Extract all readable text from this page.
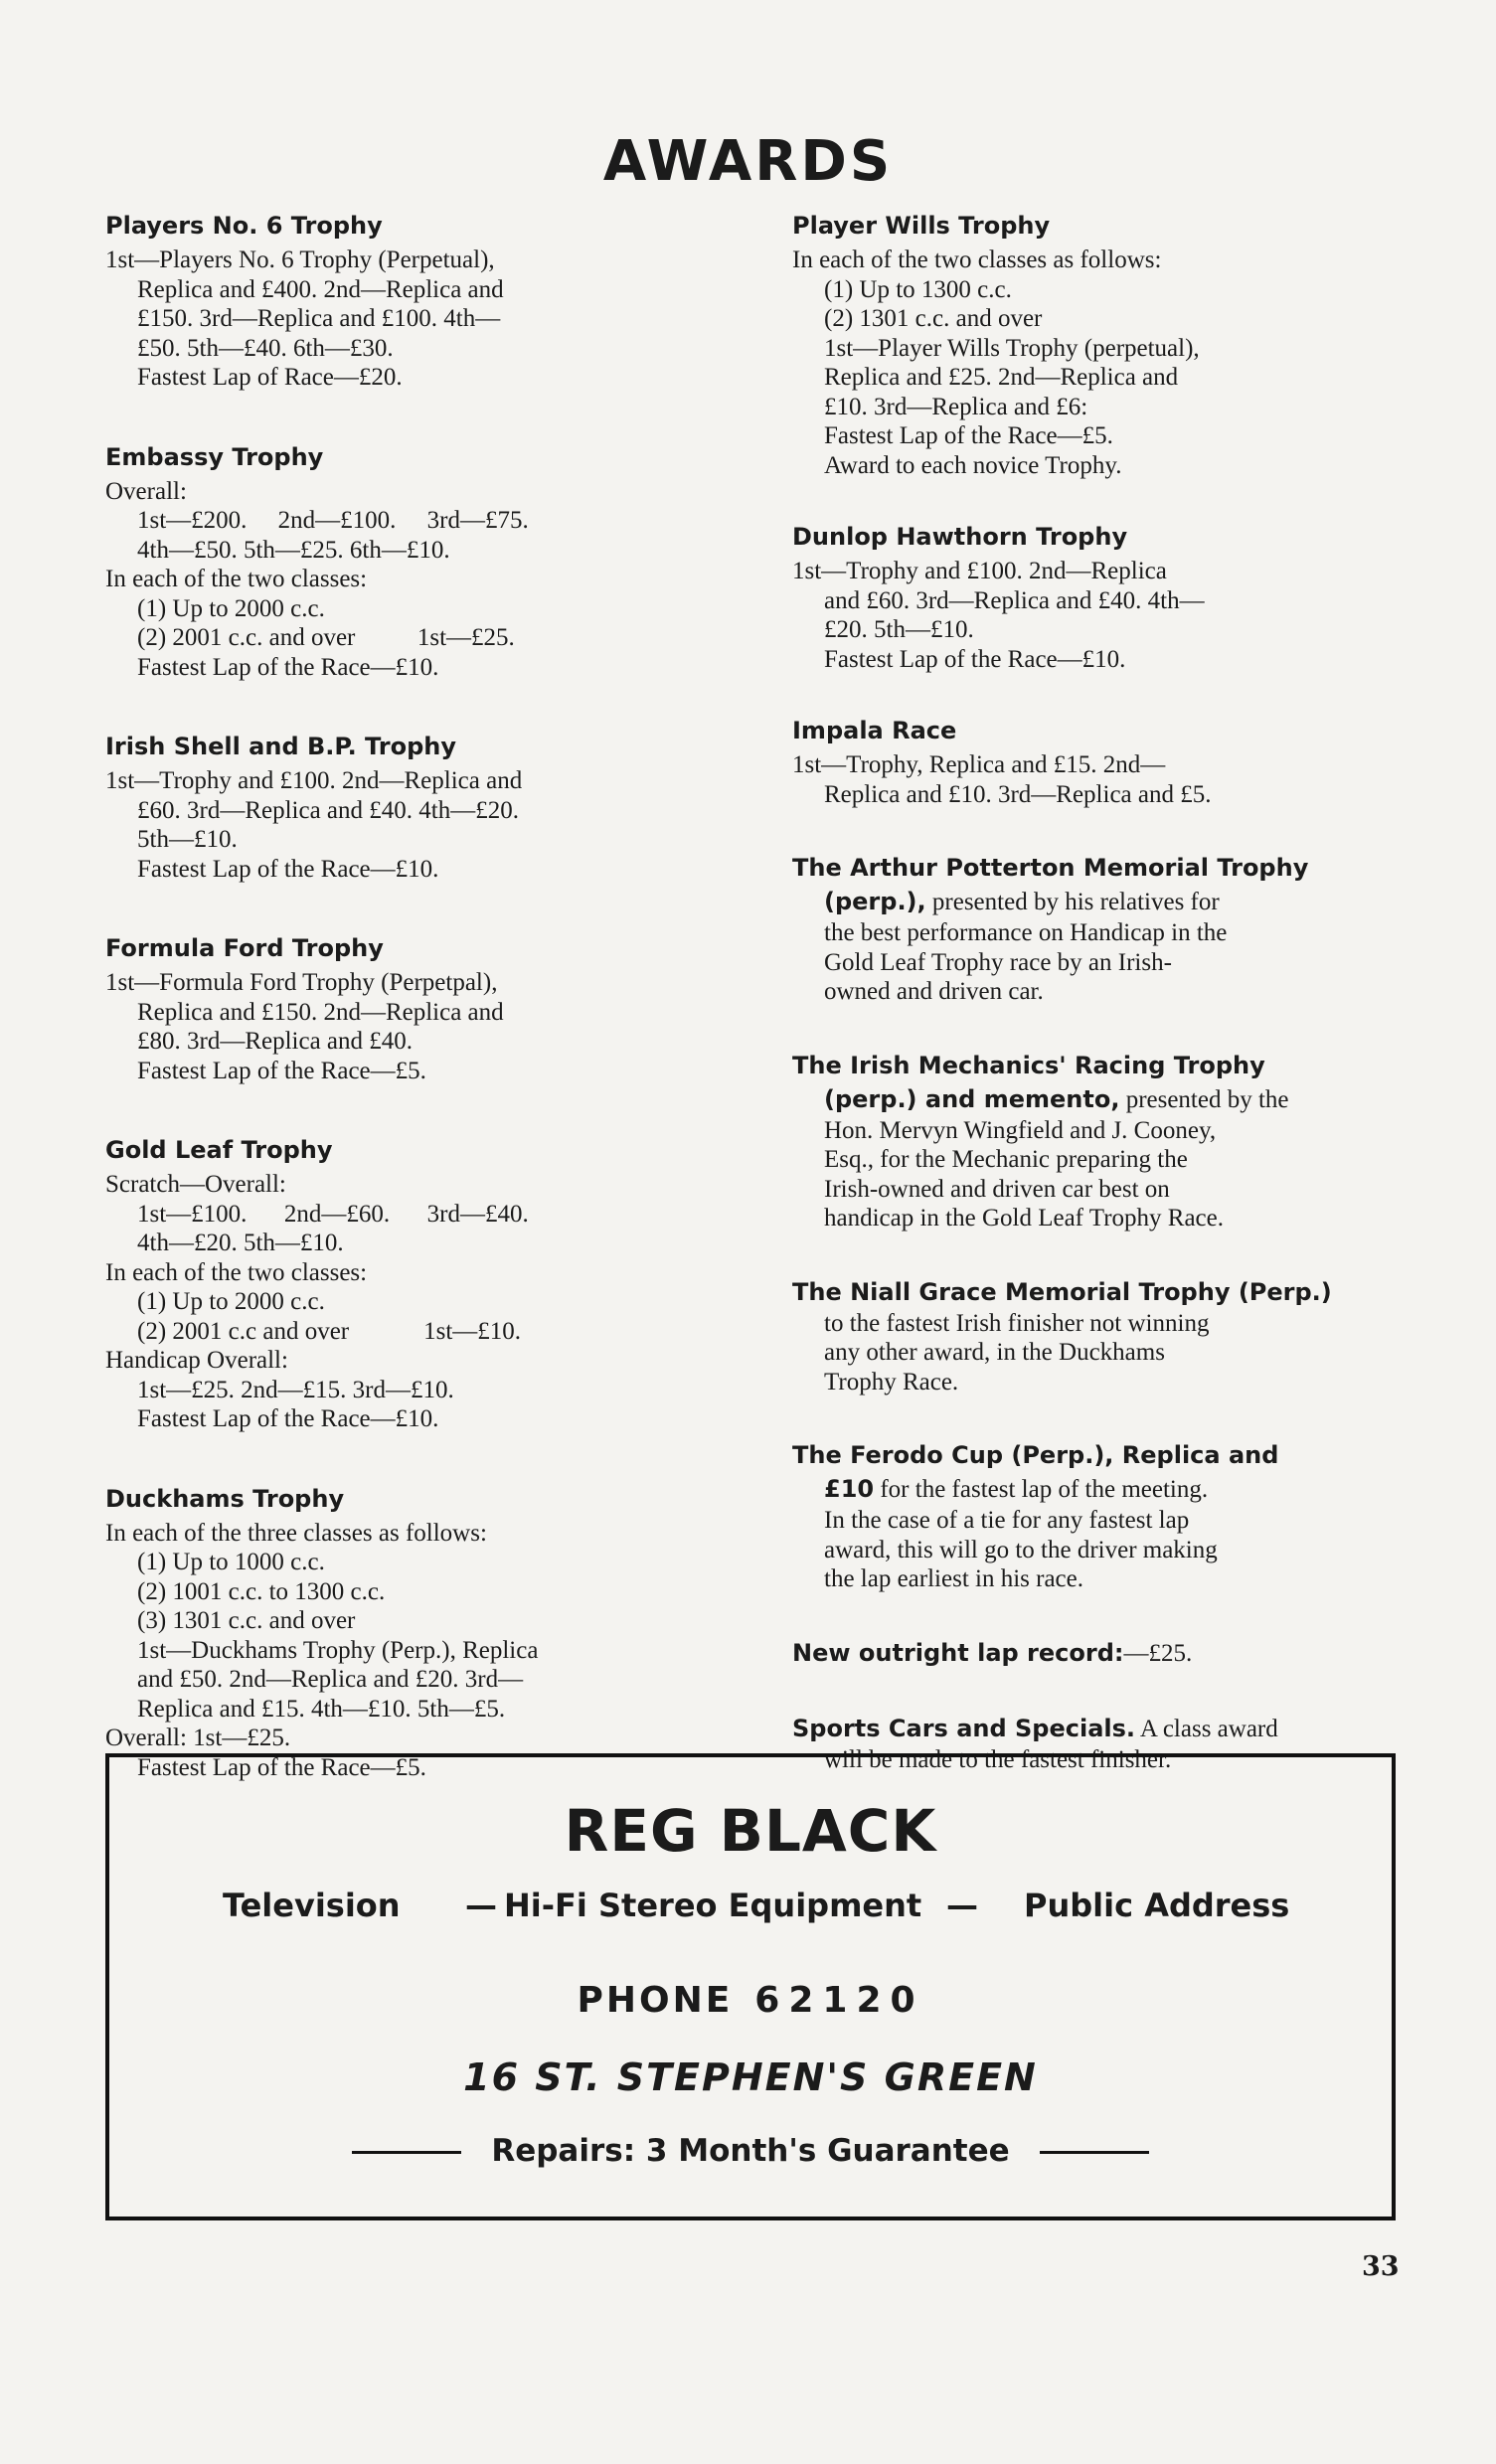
AWARDS
Players No. 6 Trophy
1st—Players No. 6 Trophy (Perpetual),
Replica and £400. 2nd—Replica and
£150. 3rd—Replica and £100. 4th—
£50. 5th—£40. 6th—£30.
Fastest Lap of Race—£20.
Embassy Trophy
Overall:
1st—£200.     2nd—£100.     3rd—£75.
4th—£50. 5th—£25. 6th—£10.
In each of the two classes:
(1) Up to 2000 c.c.
(2) 2001 c.c. and over          1st—£25.
Fastest Lap of the Race—£10.
Irish Shell and B.P. Trophy
1st—Trophy and £100. 2nd—Replica and
£60. 3rd—Replica and £40. 4th—£20.
5th—£10.
Fastest Lap of the Race—£10.
Formula Ford Trophy
1st—Formula Ford Trophy (Perpetpal),
Replica and £150. 2nd—Replica and
£80. 3rd—Replica and £40.
Fastest Lap of the Race—£5.
Gold Leaf Trophy
Scratch—Overall:
1st—£100.      2nd—£60.      3rd—£40.
4th—£20. 5th—£10.
In each of the two classes:
(1) Up to 2000 c.c.
(2) 2001 c.c and over            1st—£10.
Handicap Overall:
1st—£25. 2nd—£15. 3rd—£10.
Fastest Lap of the Race—£10.
Duckhams Trophy
In each of the three classes as follows:
(1) Up to 1000 c.c.
(2) 1001 c.c. to 1300 c.c.
(3) 1301 c.c. and over
1st—Duckhams Trophy (Perp.), Replica
and £50. 2nd—Replica and £20. 3rd—
Replica and £15. 4th—£10. 5th—£5.
Overall: 1st—£25.
Fastest Lap of the Race—£5.
Player Wills Trophy
In each of the two classes as follows:
(1) Up to 1300 c.c.
(2) 1301 c.c. and over
1st—Player Wills Trophy (perpetual),
Replica and £25. 2nd—Replica and
£10. 3rd—Replica and £6:
Fastest Lap of the Race—£5.
Award to each novice Trophy.
Dunlop Hawthorn Trophy
1st—Trophy and £100. 2nd—Replica
and £60. 3rd—Replica and £40. 4th—
£20. 5th—£10.
Fastest Lap of the Race—£10.
Impala Race
1st—Trophy, Replica and £15. 2nd—
Replica and £10. 3rd—Replica and £5.
The Arthur Potterton Memorial Trophy
(perp.), presented by his relatives for
the best performance on Handicap in the
Gold Leaf Trophy race by an Irish-
owned and driven car.
The Irish Mechanics' Racing Trophy
(perp.) and memento, presented by the
Hon. Mervyn Wingfield and J. Cooney,
Esq., for the Mechanic preparing the
Irish-owned and driven car best on
handicap in the Gold Leaf Trophy Race.
The Niall Grace Memorial Trophy (Perp.)
to the fastest Irish finisher not winning
any other award, in the Duckhams
Trophy Race.
The Ferodo Cup (Perp.), Replica and
£10 for the fastest lap of the meeting.
In the case of a tie for any fastest lap
award, this will go to the driver making
the lap earliest in his race.
New outright lap record:—£25.
Sports Cars and Specials. A class award
will be made to the fastest finisher.
REG BLACK
Television — Hi-Fi Stereo Equipment — Public Address
PHONE 62120
16 ST. STEPHEN'S GREEN
Repairs: 3 Month's Guarantee
33
